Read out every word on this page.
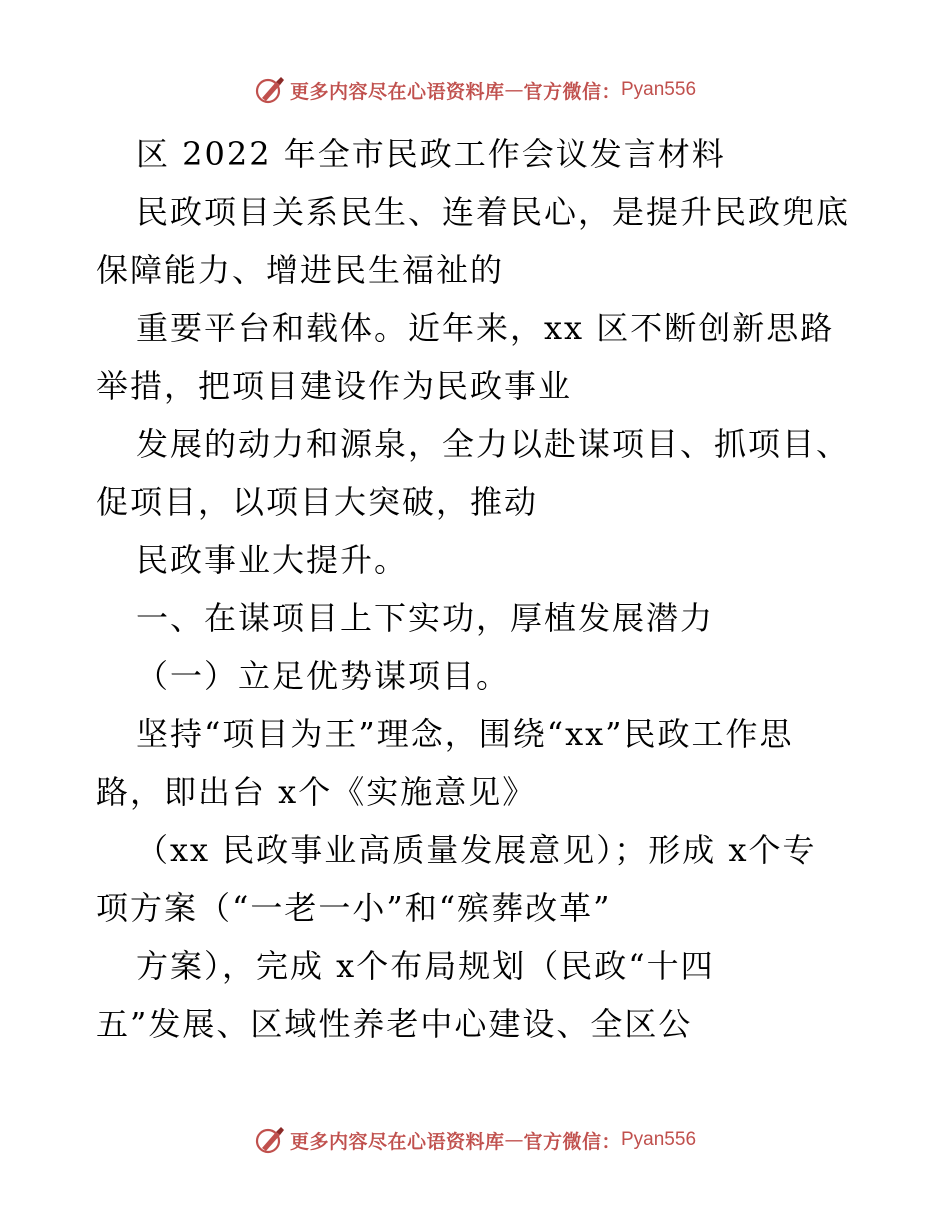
更多内容尽在心语资料库 — 官方微信： Pyan556
区 2022 年全市民政工作会议发言材料
民政项目关系民生、连着民心，是提升民政兜底
保障能力、增进民生福祉的
重要平台和载体。近年来，xx 区不断创新思路
举措，把项目建设作为民政事业
发展的动力和源泉，全力以赴谋项目、抓项目、
促项目，以项目大突破，推动
民政事业大提升。
一、在谋项目上下实功，厚植发展潜力
（一）立足优势谋项目。
坚持“项目为王”理念，围绕“xx”民政工作思
路，即出台 x个《实施意见》
（xx 民政事业高质量发展意见）；形成 x个专
项方案（“一老一小”和“殡葬改革”
方案），完成 x个布局规划（民政“十四
五”发展、区域性养老中心建设、全区公
更多内容尽在心语资料库 — 官方微信： Pyan556
